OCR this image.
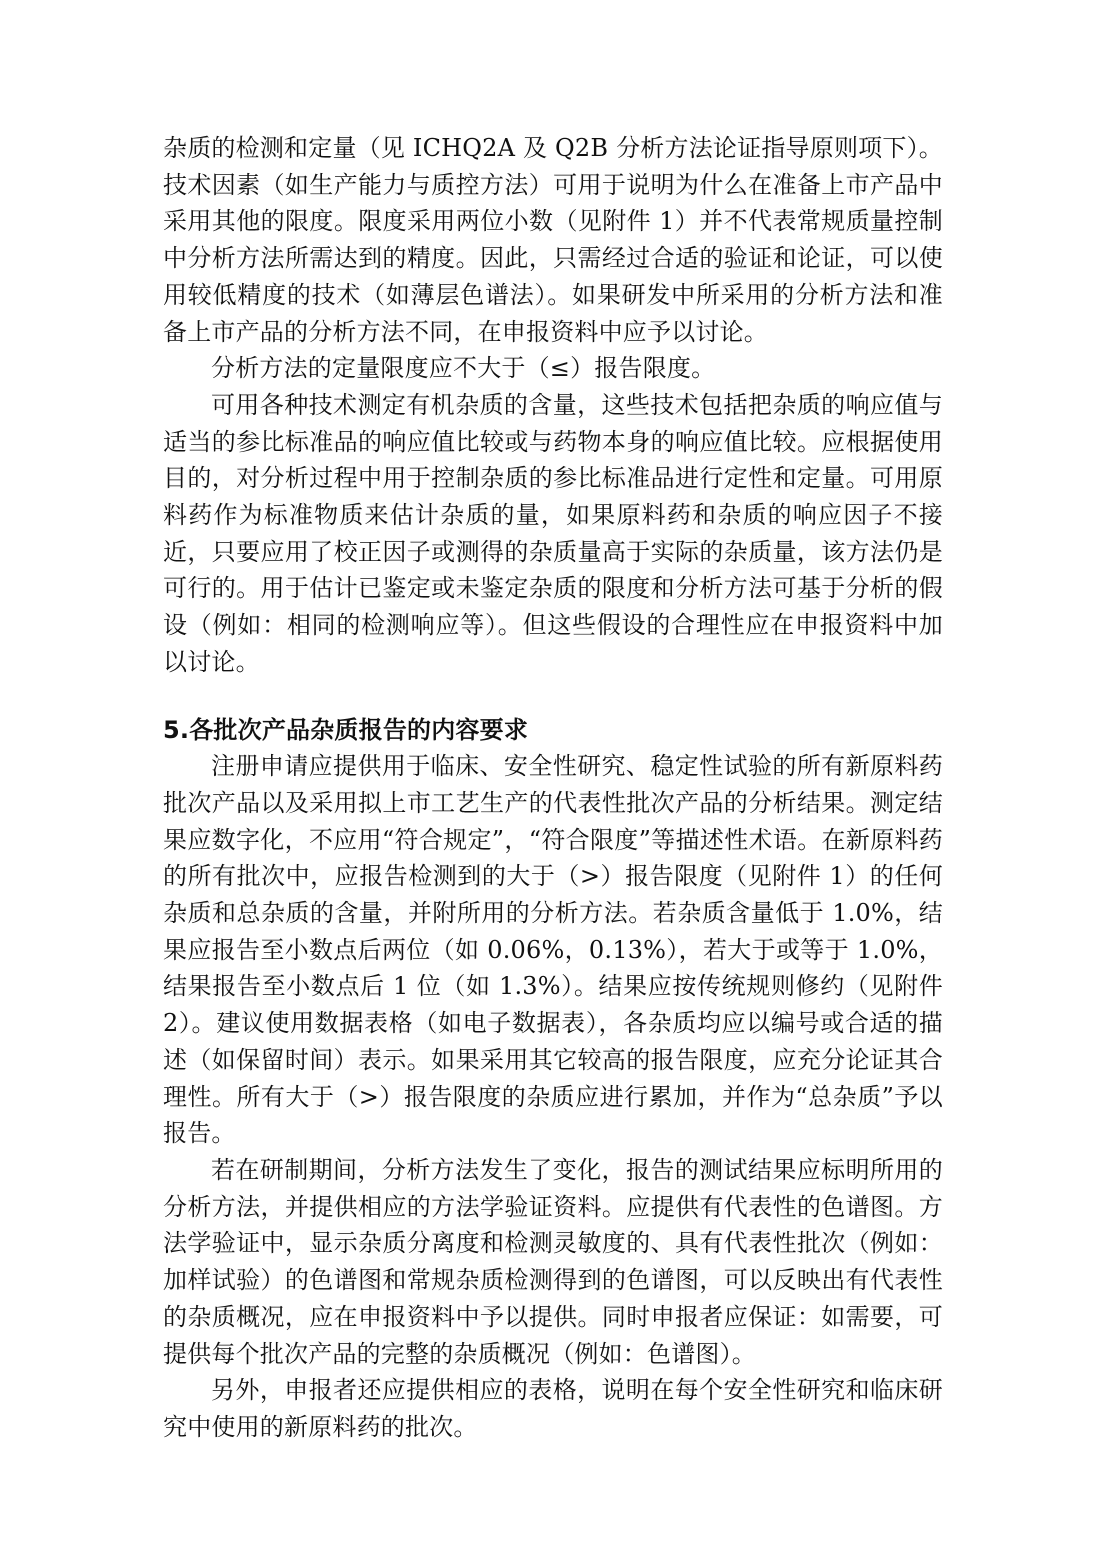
杂质的检测和定量（见 ICHQ2A 及 Q2B 分析方法论证指导原则项下）。技术因素（如生产能力与质控方法）可用于说明为什么在准备上市产品中采用其他的限度。限度采用两位小数（见附件 1）并不代表常规质量控制中分析方法所需达到的精度。因此，只需经过合适的验证和论证，可以使用较低精度的技术（如薄层色谱法）。如果研发中所采用的分析方法和准备上市产品的分析方法不同，在申报资料中应予以讨论。

分析方法的定量限度应不大于（≤）报告限度。

可用各种技术测定有机杂质的含量，这些技术包括把杂质的响应值与适当的参比标准品的响应值比较或与药物本身的响应值比较。应根据使用目的，对分析过程中用于控制杂质的参比标准品进行定性和定量。可用原料药作为标准物质来估计杂质的量，如果原料药和杂质的响应因子不接近，只要应用了校正因子或测得的杂质量高于实际的杂质量，该方法仍是可行的。用于估计已鉴定或未鉴定杂质的限度和分析方法可基于分析的假设（例如：相同的检测响应等）。但这些假设的合理性应在申报资料中加以讨论。

5.各批次产品杂质报告的内容要求

注册申请应提供用于临床、安全性研究、稳定性试验的所有新原料药批次产品以及采用拟上市工艺生产的代表性批次产品的分析结果。测定结果应数字化，不应用“符合规定”，“符合限度”等描述性术语。在新原料药的所有批次中，应报告检测到的大于（>）报告限度（见附件 1）的任何杂质和总杂质的含量，并附所用的分析方法。若杂质含量低于 1.0%，结果应报告至小数点后两位（如 0.06%，0.13%），若大于或等于 1.0%，结果报告至小数点后 1 位（如 1.3%）。结果应按传统规则修约（见附件 2）。建议使用数据表格（如电子数据表），各杂质均应以编号或合适的描述（如保留时间）表示。如果采用其它较高的报告限度，应充分论证其合理性。所有大于（>）报告限度的杂质应进行累加，并作为“总杂质”予以报告。

若在研制期间，分析方法发生了变化，报告的测试结果应标明所用的分析方法，并提供相应的方法学验证资料。应提供有代表性的色谱图。方法学验证中，显示杂质分离度和检测灵敏度的、具有代表性批次（例如：加样试验）的色谱图和常规杂质检测得到的色谱图，可以反映出有代表性的杂质概况，应在申报资料中予以提供。同时申报者应保证：如需要，可提供每个批次产品的完整的杂质概况（例如：色谱图）。

另外，申报者还应提供相应的表格，说明在每个安全性研究和临床研究中使用的新原料药的批次。
